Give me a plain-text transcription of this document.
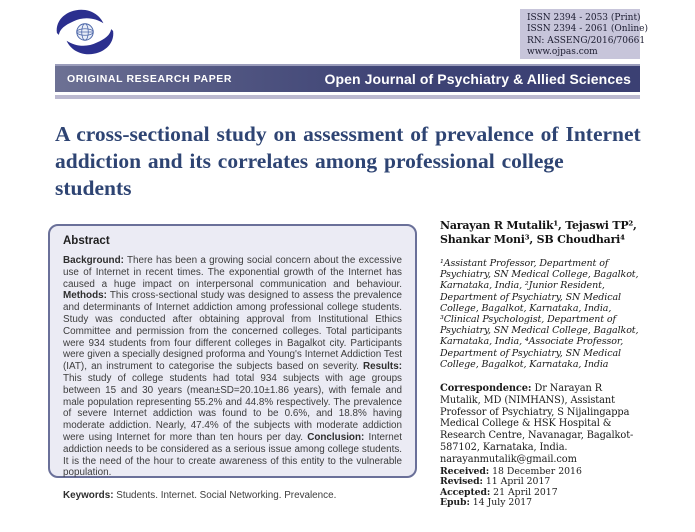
ISSN 2394 - 2053 (Print)
ISSN 2394 - 2061 (Online)
RN: ASSENG/2016/70661
www.ojpas.com
ORIGINAL RESEARCH PAPER	Open Journal of Psychiatry & Allied Sciences
A cross-sectional study on assessment of prevalence of Internet addiction and its correlates among professional college students
Abstract

Background: There has been a growing social concern about the excessive use of Internet in recent times. The exponential growth of the Internet has caused a huge impact on interpersonal communication and behaviour. Methods: This cross-sectional study was designed to assess the prevalence and determinants of Internet addiction among professional college students. Study was conducted after obtaining approval from Institutional Ethics Committee and permission from the concerned colleges. Total participants were 934 students from four different colleges in Bagalkot city. Participants were given a specially designed proforma and Young's Internet Addiction Test (IAT), an instrument to categorise the subjects based on severity. Results: This study of college students had total 934 subjects with age groups between 15 and 30 years (mean±SD=20.10±1.86 years), with female and male population representing 55.2% and 44.8% respectively. The prevalence of severe Internet addiction was found to be 0.6%, and 18.8% having moderate addiction. Nearly, 47.4% of the subjects with moderate addiction were using Internet for more than ten hours per day. Conclusion: Internet addiction needs to be considered as a serious issue among college students. It is the need of the hour to create awareness of this entity to the vulnerable population.

Keywords: Students. Internet. Social Networking. Prevalence.

Narayan R Mutalik¹, Tejaswi TP²,
Shankar Moni³, SB Choudhari⁴

¹Assistant Professor, Department of Psychiatry, SN Medical College, Bagalkot, Karnataka, India, ²Junior Resident, Department of Psychiatry, SN Medical College, Bagalkot, Karnataka, India, ³Clinical Psychologist, Department of Psychiatry, SN Medical College, Bagalkot, Karnataka, India, ⁴Associate Professor, Department of Psychiatry, SN Medical College, Bagalkot, Karnataka, India

Correspondence: Dr Narayan R Mutalik, MD (NIMHANS), Assistant Professor of Psychiatry, S Nijalingappa Medical College & HSK Hospital & Research Centre, Navanagar, Bagalkot-587102, Karnataka, India.
narayanmutalik@gmail.com

Received: 18 December 2016
Revised: 11 April 2017
Accepted: 21 April 2017
Epub: 14 July 2017
